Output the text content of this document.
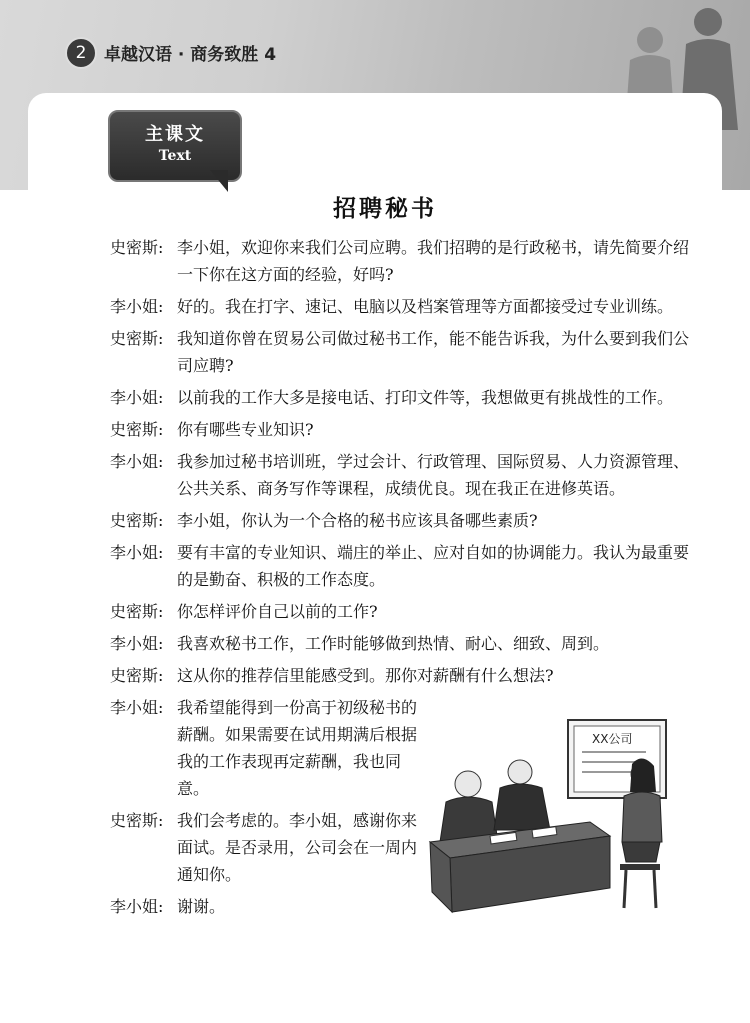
2	卓越汉语 · 商务致胜 4
主课文
Text
招聘秘书
史密斯: 李小姐，欢迎你来我们公司应聘。我们招聘的是行政秘书，请先简要介绍一下你在这方面的经验，好吗?
李小姐: 好的。我在打字、速记、电脑以及档案管理等方面都接受过专业训练。
史密斯: 我知道你曾在贸易公司做过秘书工作，能不能告诉我，为什么要到我们公司应聘?
李小姐: 以前我的工作大多是接电话、打印文件等，我想做更有挑战性的工作。
史密斯: 你有哪些专业知识?
李小姐: 我参加过秘书培训班，学过会计、行政管理、国际贸易、人力资源管理、公共关系、商务写作等课程，成绩优良。现在我正在进修英语。
史密斯: 李小姐，你认为一个合格的秘书应该具备哪些素质?
李小姐: 要有丰富的专业知识、端庄的举止、应对自如的协调能力。我认为最重要的是勤奋、积极的工作态度。
史密斯: 你怎样评价自己以前的工作?
李小姐: 我喜欢秘书工作，工作时能够做到热情、耐心、细致、周到。
史密斯: 这从你的推荐信里能感受到。那你对薪酬有什么想法?
李小姐: 我希望能得到一份高于初级秘书的薪酬。如果需要在试用期满后根据我的工作表现再定薪酬，我也同意。
史密斯: 我们会考虑的。李小姐，感谢你来面试。是否录用，公司会在一周内通知你。
李小姐: 谢谢。
XX公司
